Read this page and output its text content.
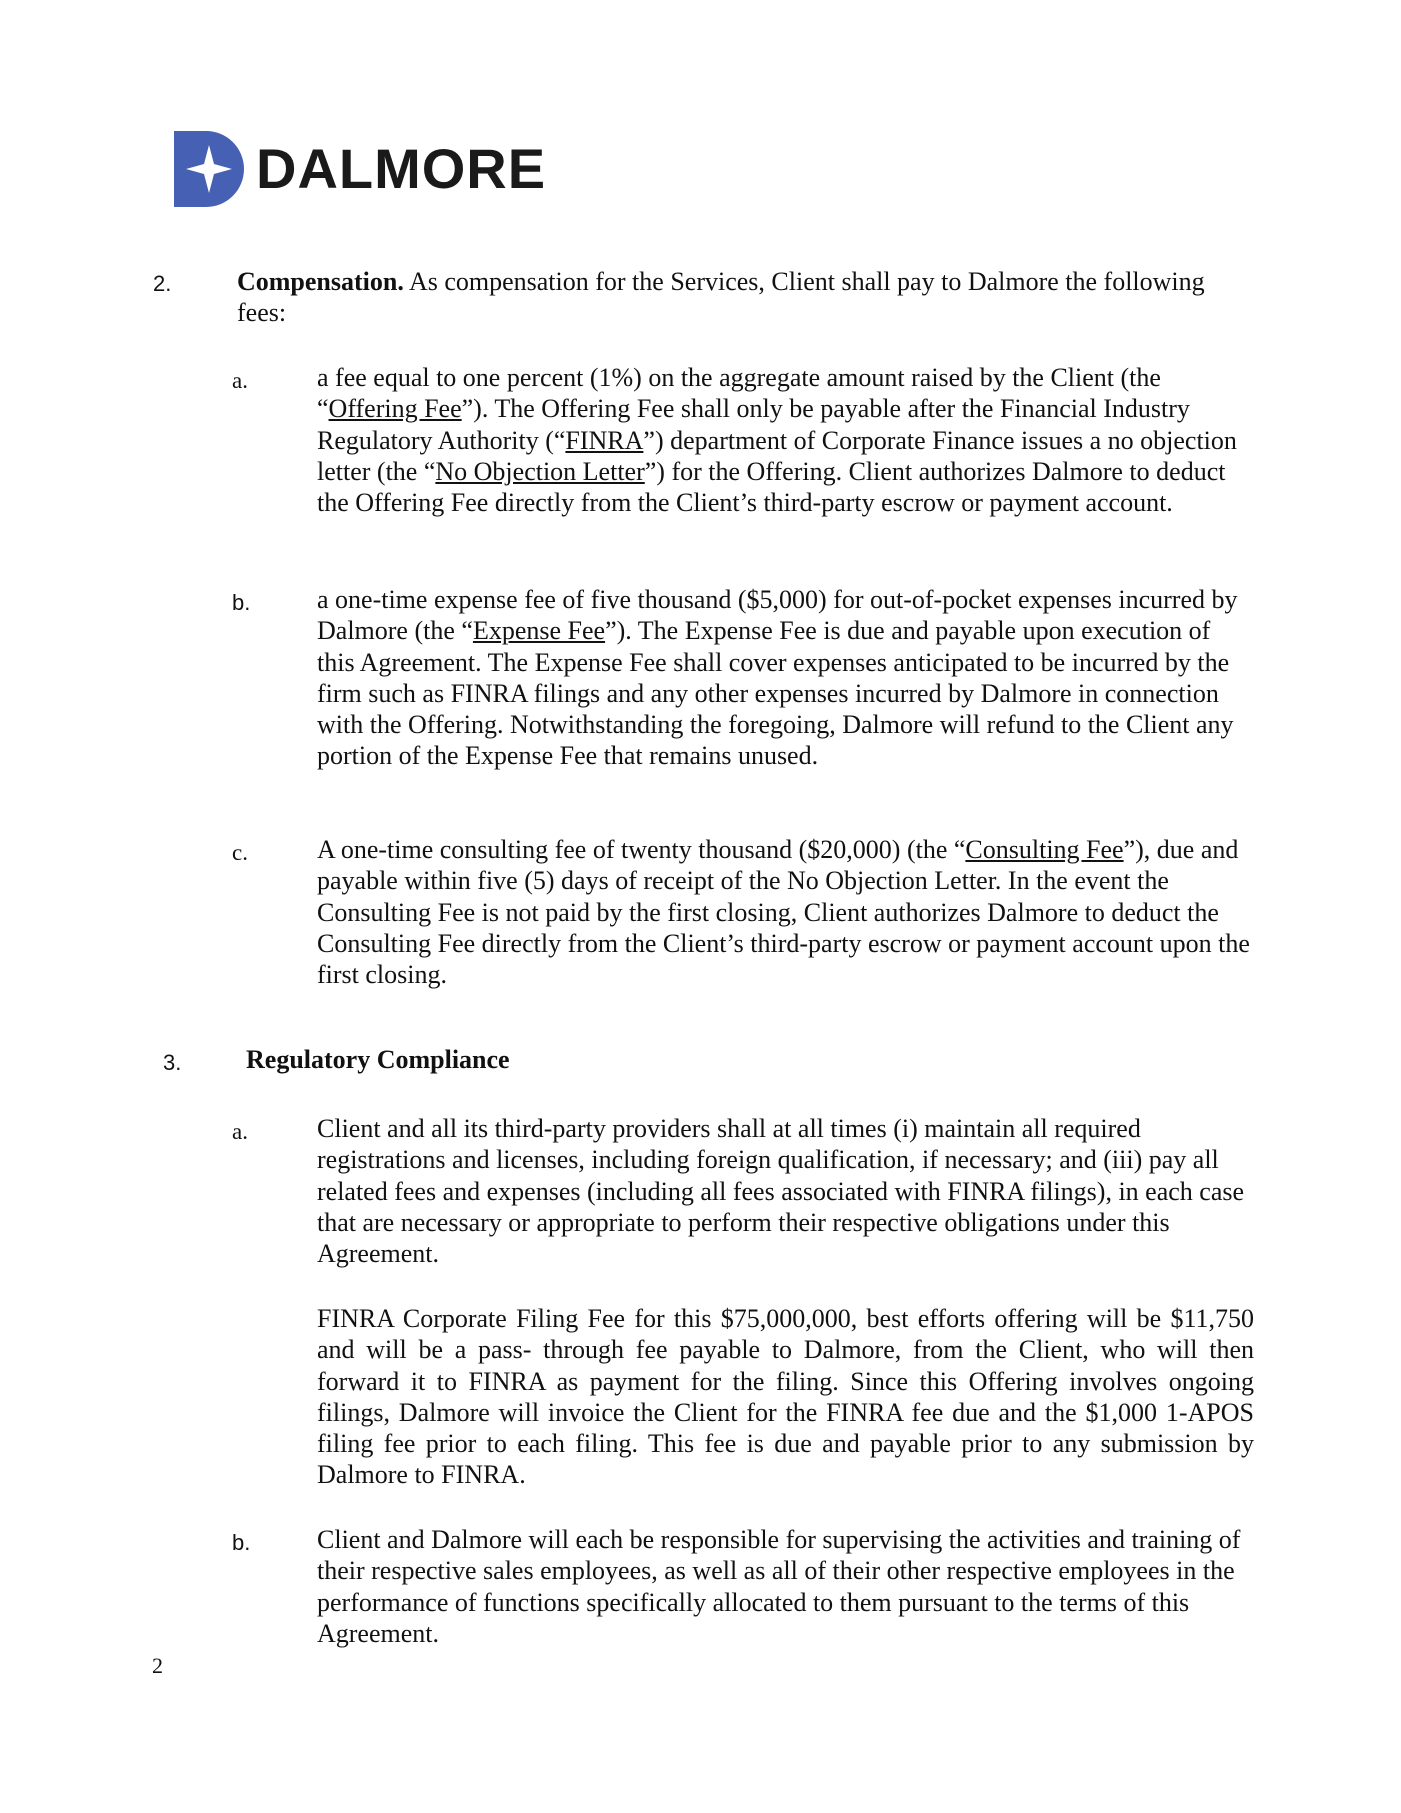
DALMORE
2.	Compensation. As compensation for the Services, Client shall pay to Dalmore the following fees:
a.	a fee equal to one percent (1%) on the aggregate amount raised by the Client (the “Offering Fee”). The Offering Fee shall only be payable after the Financial Industry Regulatory Authority (“FINRA”) department of Corporate Finance issues a no objection letter (the “No Objection Letter”) for the Offering. Client authorizes Dalmore to deduct the Offering Fee directly from the Client’s third-party escrow or payment account.
b.	a one-time expense fee of five thousand ($5,000) for out-of-pocket expenses incurred by Dalmore (the “Expense Fee”). The Expense Fee is due and payable upon execution of this Agreement. The Expense Fee shall cover expenses anticipated to be incurred by the firm such as FINRA filings and any other expenses incurred by Dalmore in connection with the Offering. Notwithstanding the foregoing, Dalmore will refund to the Client any portion of the Expense Fee that remains unused.
c.	A one-time consulting fee of twenty thousand ($20,000) (the “Consulting Fee”), due and payable within five (5) days of receipt of the No Objection Letter. In the event the Consulting Fee is not paid by the first closing, Client authorizes Dalmore to deduct the Consulting Fee directly from the Client’s third-party escrow or payment account upon the first closing.
3. Regulatory Compliance
a.	Client and all its third-party providers shall at all times (i) maintain all required registrations and licenses, including foreign qualification, if necessary; and (iii) pay all related fees and expenses (including all fees associated with FINRA filings), in each case that are necessary or appropriate to perform their respective obligations under this Agreement.
FINRA Corporate Filing Fee for this $75,000,000, best efforts offering will be $11,750 and will be a pass- through fee payable to Dalmore, from the Client, who will then forward it to FINRA as payment for the filing. Since this Offering involves ongoing filings, Dalmore will invoice the Client for the FINRA fee due and the $1,000 1-APOS filing fee prior to each filing. This fee is due and payable prior to any submission by Dalmore to FINRA.
b.	Client and Dalmore will each be responsible for supervising the activities and training of their respective sales employees, as well as all of their other respective employees in the performance of functions specifically allocated to them pursuant to the terms of this Agreement.
2
